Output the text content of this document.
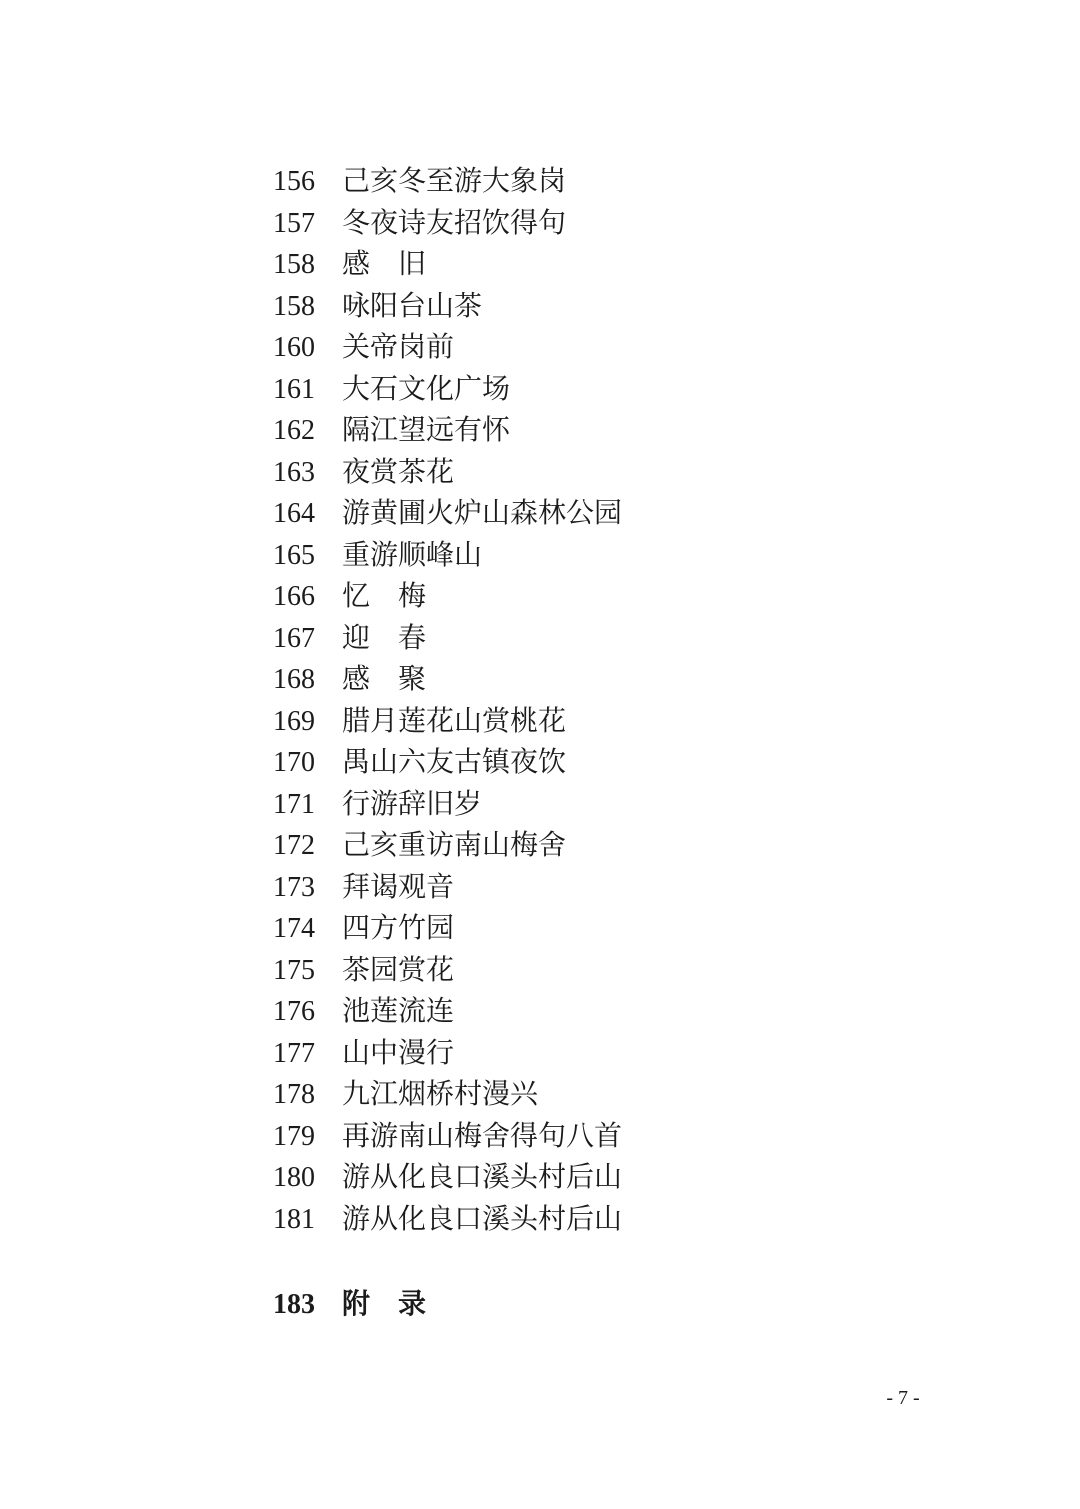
156 己亥冬至游大象岗
157 冬夜诗友招饮得句
158 感　旧
158 咏阳台山茶
160 关帝岗前
161 大石文化广场
162 隔江望远有怀
163 夜赏茶花
164 游黄圃火炉山森林公园
165 重游顺峰山
166 忆　梅
167 迎　春
168 感　聚
169 腊月莲花山赏桃花
170 禺山六友古镇夜饮
171 行游辞旧岁
172 己亥重访南山梅舍
173 拜谒观音
174 四方竹园
175 茶园赏花
176 池莲流连
177 山中漫行
178 九江烟桥村漫兴
179 再游南山梅舍得句八首
180 游从化良口溪头村后山
181 游从化良口溪头村后山
183 附　录
- 7 -
